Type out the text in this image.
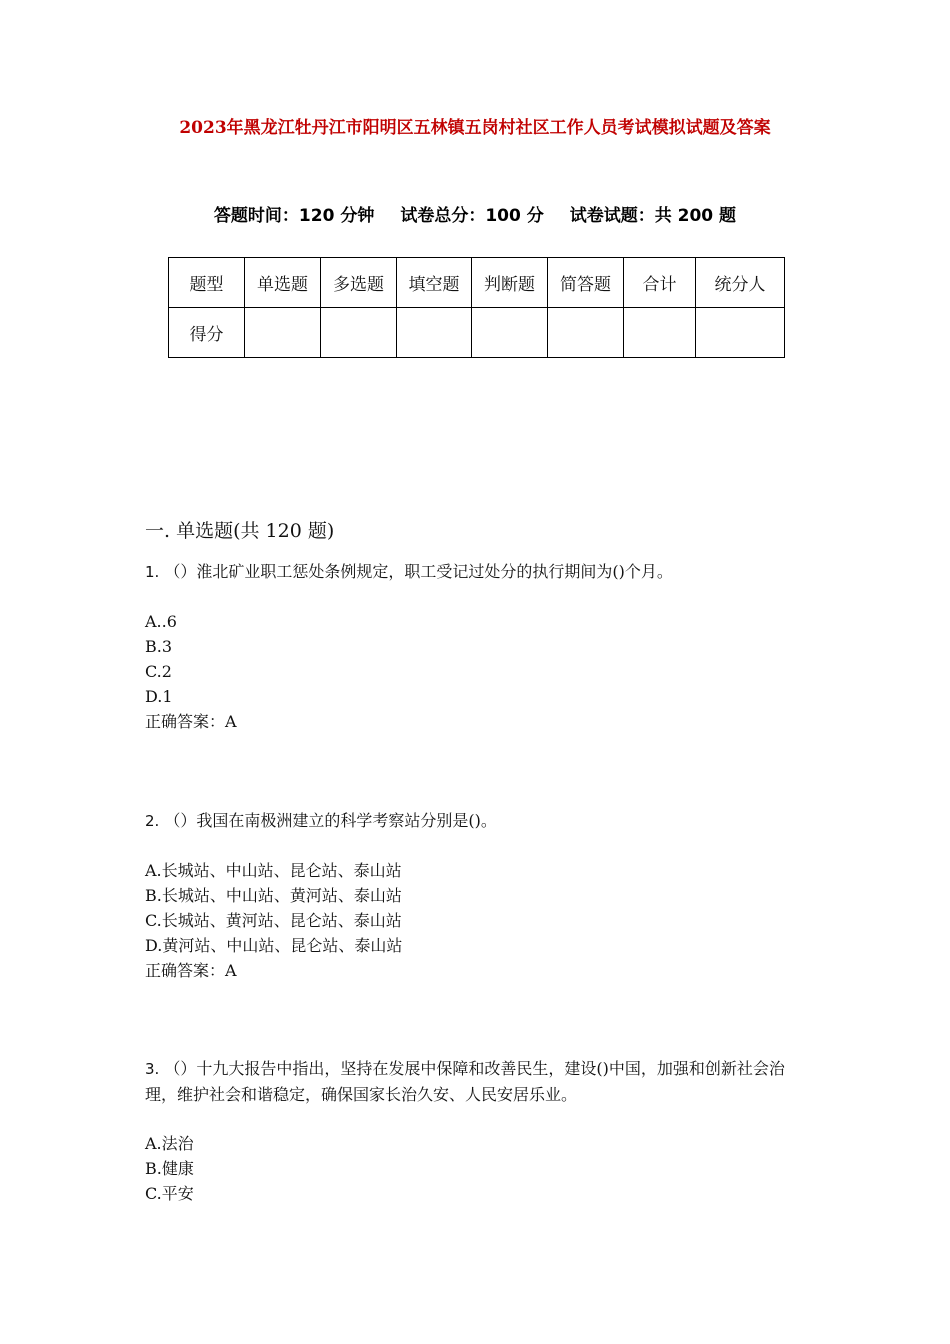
2023年黑龙江牡丹江市阳明区五林镇五岗村社区工作人员考试模拟试题及答案
答题时间：120 分钟 试卷总分：100 分 试卷试题：共 200 题
题型	单选题	多选题	填空题	判断题	简答题	合计	统分人
得分							
一. 单选题(共 120 题)

1. （）淮北矿业职工惩处条例规定，职工受记过处分的执行期间为()个月。

A..6

B.3

C.2

D.1

正确答案：A

2. （）我国在南极洲建立的科学考察站分别是()。

A.长城站、中山站、昆仑站、泰山站

B.长城站、中山站、黄河站、泰山站

C.长城站、黄河站、昆仑站、泰山站

D.黄河站、中山站、昆仑站、泰山站

正确答案：A

3. （）十九大报告中指出，坚持在发展中保障和改善民生，建设()中国，加强和创新社会治理，维护社会和谐稳定，确保国家长治久安、人民安居乐业。

A.法治

B.健康

C.平安
